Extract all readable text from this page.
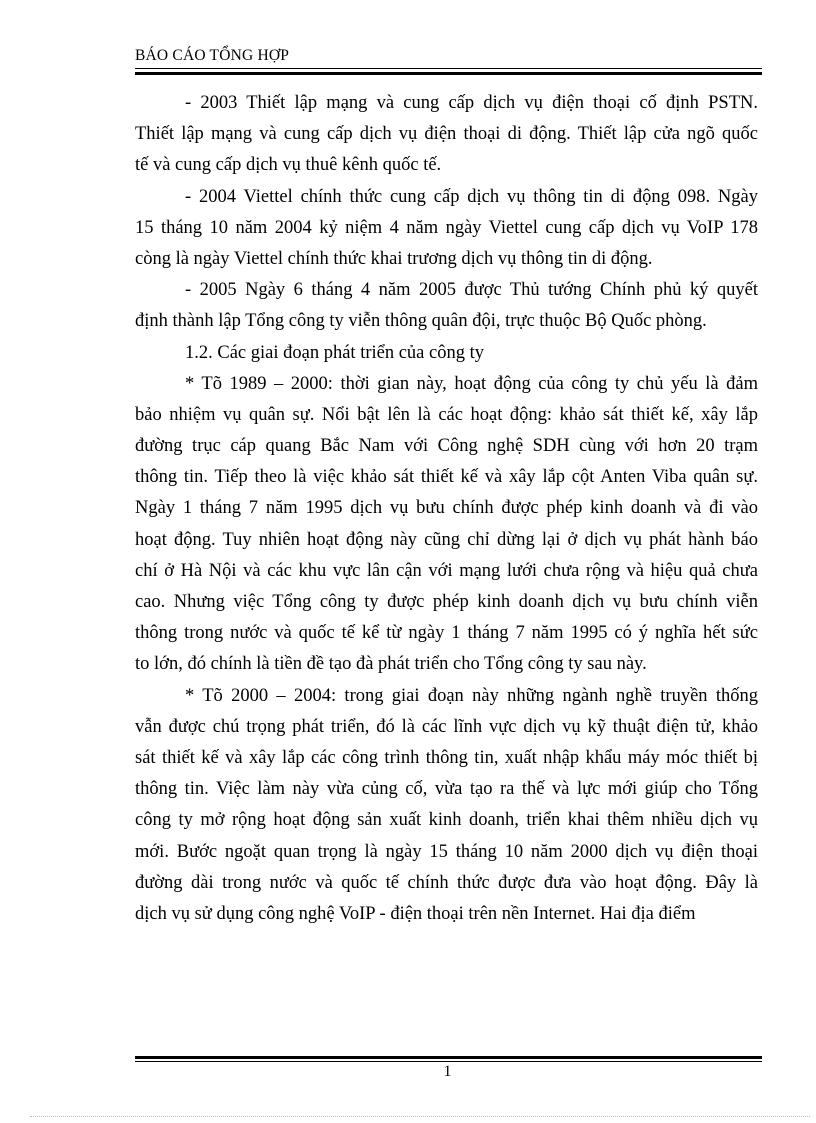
BÁO CÁO TỔNG HỢP
- 2003 Thiết lập mạng và cung cấp dịch vụ điện thoại cố định PSTN.
Thiết lập mạng và cung cấp dịch vụ điện thoại di động. Thiết lập cửa ngõ quốc
tế và cung cấp dịch vụ thuê kênh quốc tế.
- 2004 Viettel chính thức cung cấp dịch vụ thông tin di động 098. Ngày
15 tháng 10 năm 2004 kỷ niệm 4 năm ngày Viettel cung cấp dịch vụ VoIP 178
còng là ngày Viettel chính thức khai trương dịch vụ thông tin di động.
- 2005 Ngày 6 tháng 4 năm 2005 được Thủ tướng Chính phủ ký quyết
định thành lập Tổng công ty viễn thông quân đội, trực thuộc Bộ Quốc phòng.
1.2. Các giai đoạn phát triển của công ty
* Tõ 1989 – 2000: thời gian này, hoạt động của công ty chủ yếu là đảm
bảo nhiệm vụ quân sự. Nổi bật lên là các hoạt động: khảo sát thiết kế, xây lắp
đường trục cáp quang Bắc Nam với Công nghệ SDH cùng với hơn 20 trạm
thông tin. Tiếp theo là việc khảo sát thiết kế và xây lắp cột Anten Viba quân sự.
Ngày 1 tháng 7 năm 1995 dịch vụ bưu chính được phép kinh doanh và đi vào
hoạt động. Tuy nhiên hoạt động này cũng chỉ dừng lại ở dịch vụ phát hành báo
chí ở Hà Nội và các khu vực lân cận với mạng lưới chưa rộng và hiệu quả chưa
cao. Nhưng việc Tổng công ty được phép kinh doanh dịch vụ bưu chính viễn
thông trong nước và quốc tế kể từ ngày 1 tháng 7 năm 1995 có ý nghĩa hết sức
to lớn, đó chính là tiền đề tạo đà phát triển cho Tổng công ty sau này.
* Tõ 2000 – 2004: trong giai đoạn này những ngành nghề truyền thống
vẫn được chú trọng phát triển, đó là các lĩnh vực dịch vụ kỹ thuật điện tử, khảo
sát thiết kế và xây lắp các công trình thông tin, xuất nhập khẩu máy móc thiết bị
thông tin. Việc làm này vừa củng cố, vừa tạo ra thế và lực mới giúp cho Tổng
công ty mở rộng hoạt động sản xuất kinh doanh, triển khai thêm nhiều dịch vụ
mới. Bước ngoặt quan trọng là ngày 15 tháng 10 năm 2000 dịch vụ điện thoại
đường dài trong nước và quốc tế chính thức được đưa vào hoạt động. Đây là
dịch vụ sử dụng công nghệ VoIP - điện thoại trên nền Internet. Hai địa điểm
1
